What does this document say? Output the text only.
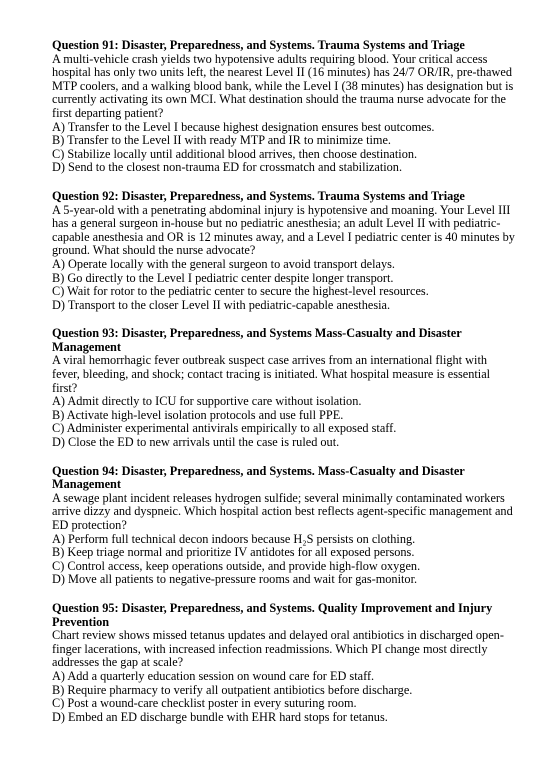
Question 91: Disaster, Preparedness, and Systems. Trauma Systems and Triage

A multi-vehicle crash yields two hypotensive adults requiring blood. Your critical access hospital has only two units left, the nearest Level II (16 minutes) has 24/7 OR/IR, pre-thawed MTP coolers, and a walking blood bank, while the Level I (38 minutes) has designation but is currently activating its own MCI. What destination should the trauma nurse advocate for the first departing patient?

A) Transfer to the Level I because highest designation ensures best outcomes.
B) Transfer to the Level II with ready MTP and IR to minimize time.
C) Stabilize locally until additional blood arrives, then choose destination.
D) Send to the closest non-trauma ED for crossmatch and stabilization.

Question 92: Disaster, Preparedness, and Systems. Trauma Systems and Triage

A 5-year-old with a penetrating abdominal injury is hypotensive and moaning. Your Level III has a general surgeon in-house but no pediatric anesthesia; an adult Level II with pediatric-capable anesthesia and OR is 12 minutes away, and a Level I pediatric center is 40 minutes by ground. What should the nurse advocate?

A) Operate locally with the general surgeon to avoid transport delays.
B) Go directly to the Level I pediatric center despite longer transport.
C) Wait for rotor to the pediatric center to secure the highest-level resources.
D) Transport to the closer Level II with pediatric-capable anesthesia.

Question 93: Disaster, Preparedness, and Systems Mass-Casualty and Disaster Management

A viral hemorrhagic fever outbreak suspect case arrives from an international flight with fever, bleeding, and shock; contact tracing is initiated. What hospital measure is essential first?

A) Admit directly to ICU for supportive care without isolation.
B) Activate high-level isolation protocols and use full PPE.
C) Administer experimental antivirals empirically to all exposed staff.
D) Close the ED to new arrivals until the case is ruled out.

Question 94: Disaster, Preparedness, and Systems. Mass-Casualty and Disaster Management

A sewage plant incident releases hydrogen sulfide; several minimally contaminated workers arrive dizzy and dyspneic. Which hospital action best reflects agent-specific management and ED protection?

A) Perform full technical decon indoors because H₂S persists on clothing.
B) Keep triage normal and prioritize IV antidotes for all exposed persons.
C) Control access, keep operations outside, and provide high-flow oxygen.
D) Move all patients to negative-pressure rooms and wait for gas-monitor.

Question 95: Disaster, Preparedness, and Systems. Quality Improvement and Injury Prevention

Chart review shows missed tetanus updates and delayed oral antibiotics in discharged open-finger lacerations, with increased infection readmissions. Which PI change most directly addresses the gap at scale?

A) Add a quarterly education session on wound care for ED staff.
B) Require pharmacy to verify all outpatient antibiotics before discharge.
C) Post a wound-care checklist poster in every suturing room.
D) Embed an ED discharge bundle with EHR hard stops for tetanus.
